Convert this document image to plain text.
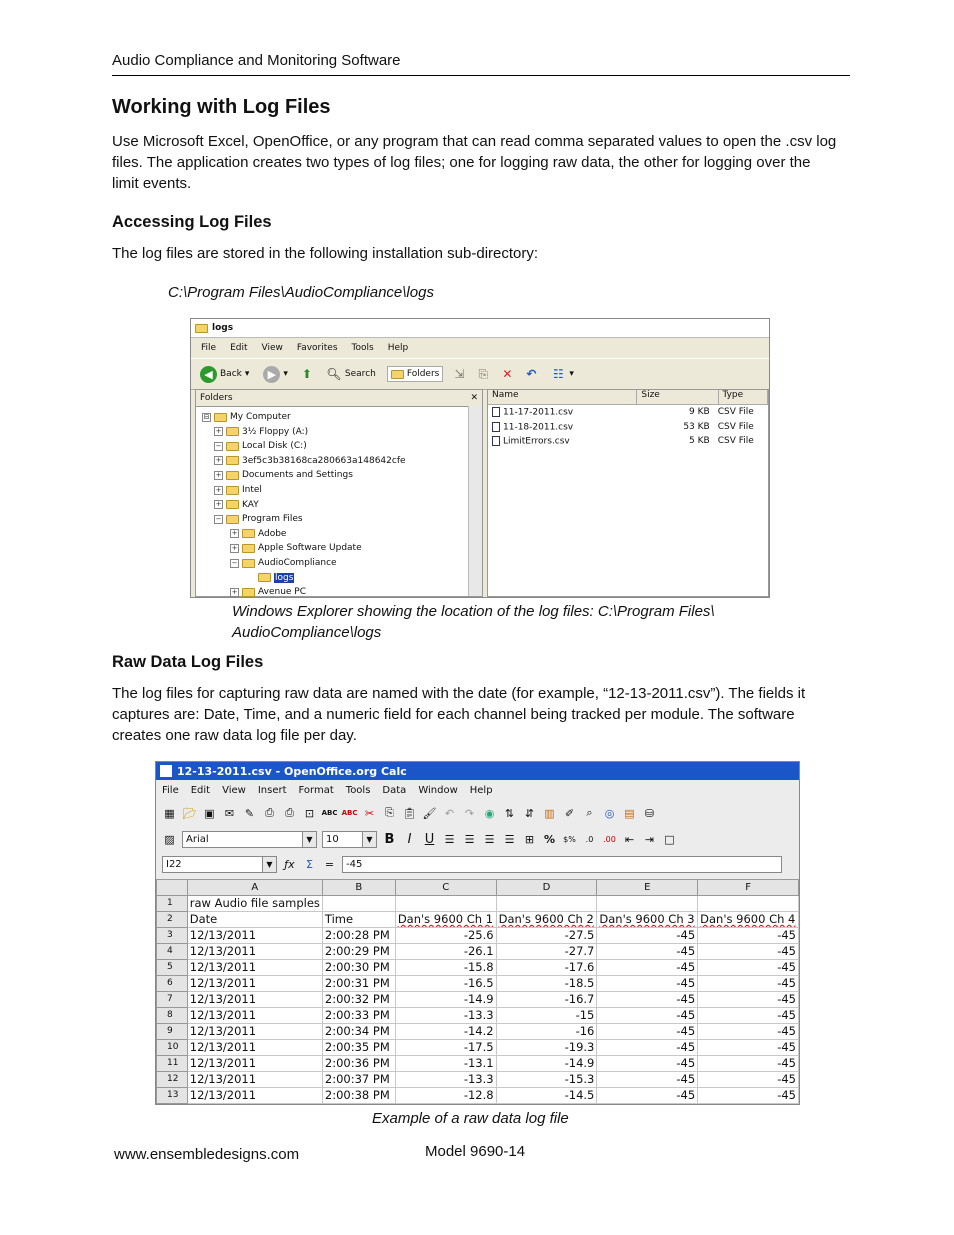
Audio Compliance and Monitoring Software
Working with Log Files

Use Microsoft Excel, OpenOffice, or any program that can read comma separated values to open the .csv log files. The application creates two types of log files; one for logging raw data, the other for logging over the limit events.

Accessing Log Files

The log files are stored in the following installation sub-directory:

C:\Program Files\AudioCompliance\logs
logs
File Edit View Favorites Tools Help
◀ Back ▾	▶ ▾ ⬆ 🔍︎ Search	Folders ⇲ ⎘ ✕ ↶ ☷ ▾
Folders	✕
⊟ My Computer
+ 3½ Floppy (A:)
− Local Disk (C:)
+ 3ef5c3b38168ca280663a148642cfe
+ Documents and Settings
+ Intel
+ KAY
− Program Files
+ Adobe
+ Apple Software Update
− AudioCompliance
logs
+ Avenue PC
Name	Size	Type
11-17-2011.csv	9 KB CSV File
11-18-2011.csv	53 KB CSV File
LimitErrors.csv	5 KB CSV File
Windows Explorer showing the location of the log files: C:\Program Files\ AudioCompliance\logs
Raw Data Log Files

The log files for capturing raw data are named with the date (for example, “12-13-2011.csv”). The fields it captures are: Date, Time, and a numeric field for each channel being tracked per module. The software creates one raw data log file per day.

12-13-2011.csv - OpenOffice.org Calc
File Edit View Insert Format Tools Data Window Help
▦ 📂︎ ▣ ✉ ✎ ⎙ ⎙ ⊡	ABC ABC ✂ ⎘ 📋︎ 🖌︎ ↶ ↷ ◉ ⇅ ⇵ ▥ ✐	⌕	◎ ▤ ⛁
▨ Arial	▼	10	▼ B	I	U ☰ ☰ ☰ ☰ ⊞ % $%	.0	.00 ⇤ ⇥ □
I22	▼	ƒx	Σ	= -45
	A	B	C	D	E	F
1	raw Audio file samples					
2	Date	Time	Dan's 9600 Ch 1	Dan's 9600 Ch 2	Dan's 9600 Ch 3	Dan's 9600 Ch 4
3	12/13/2011	2:00:28 PM	-25.6	-27.5	-45	-45
4	12/13/2011	2:00:29 PM	-26.1	-27.7	-45	-45
5	12/13/2011	2:00:30 PM	-15.8	-17.6	-45	-45
6	12/13/2011	2:00:31 PM	-16.5	-18.5	-45	-45
7	12/13/2011	2:00:32 PM	-14.9	-16.7	-45	-45
8	12/13/2011	2:00:33 PM	-13.3	-15	-45	-45
9	12/13/2011	2:00:34 PM	-14.2	-16	-45	-45
10	12/13/2011	2:00:35 PM	-17.5	-19.3	-45	-45
11	12/13/2011	2:00:36 PM	-13.1	-14.9	-45	-45
12	12/13/2011	2:00:37 PM	-13.3	-15.3	-45	-45
13	12/13/2011	2:00:38 PM	-12.8	-14.5	-45	-45
Example of a raw data log file
www.ensembledesigns.com	Model 9690-14
